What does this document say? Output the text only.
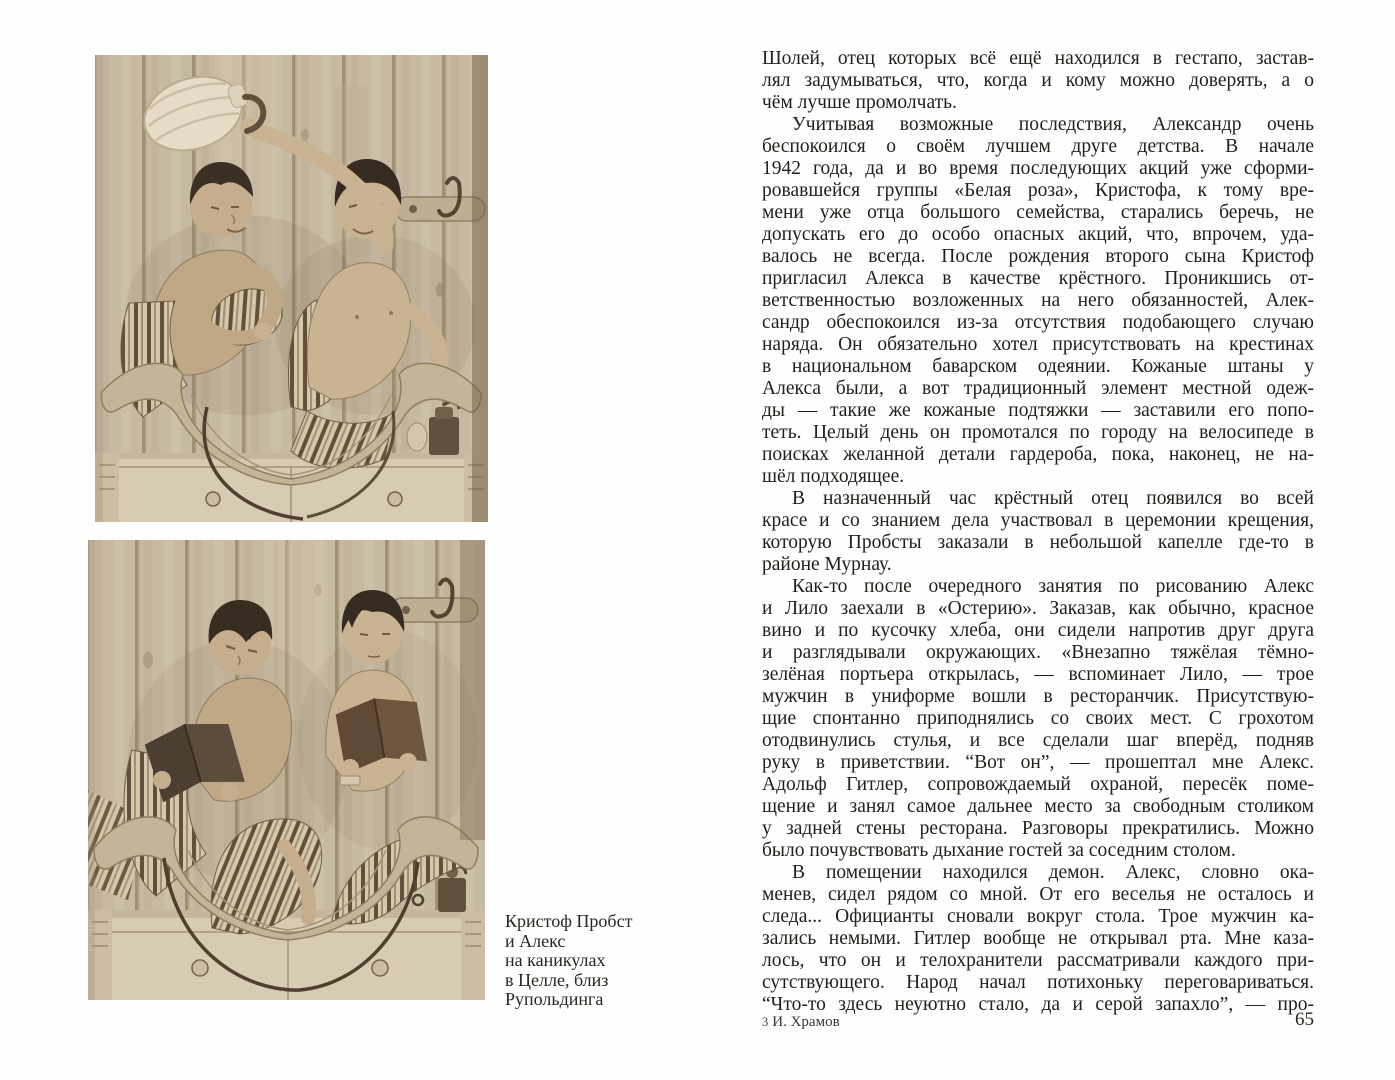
Кристоф Пробст
и Алекс
на каникулах
в Целле, близ
Рупольдинга
Шолей, отец которых всё ещё находился в гестапо, застав-
лял задумываться, что, когда и кому можно доверять, а о
чём лучше промолчать.
Учитывая возможные последствия, Александр очень
беспокоился о своём лучшем друге детства. В начале
1942 года, да и во время последующих акций уже сформи-
ровавшейся группы «Белая роза», Кристофа, к тому вре-
мени уже отца большого семейства, старались беречь, не
допускать его до особо опасных акций, что, впрочем, уда-
валось не всегда. После рождения второго сына Кристоф
пригласил Алекса в качестве крёстного. Проникшись от-
ветственностью возложенных на него обязанностей, Алек-
сандр обеспокоился из-за отсутствия подобающего случаю
наряда. Он обязательно хотел присутствовать на крестинах
в национальном баварском одеянии. Кожаные штаны у
Алекса были, а вот традиционный элемент местной одеж-
ды — такие же кожаные подтяжки — заставили его попо-
теть. Целый день он промотался по городу на велосипеде в
поисках желанной детали гардероба, пока, наконец, не на-
шёл подходящее.
В назначенный час крёстный отец появился во всей
красе и со знанием дела участвовал в церемонии крещения,
которую Пробсты заказали в небольшой капелле где-то в
районе Мурнау.
Как-то после очередного занятия по рисованию Алекс
и Лило заехали в «Остерию». Заказав, как обычно, красное
вино и по кусочку хлеба, они сидели напротив друг друга
и разглядывали окружающих. «Внезапно тяжёлая тёмно-
зелёная портьера открылась, — вспоминает Лило, — трое
мужчин в униформе вошли в ресторанчик. Присутствую-
щие спонтанно приподнялись со своих мест. С грохотом
отодвинулись стулья, и все сделали шаг вперёд, подняв
руку в приветствии. “Вот он”, — прошептал мне Алекс.
Адольф Гитлер, сопровождаемый охраной, пересёк поме-
щение и занял самое дальнее место за свободным столиком
у задней стены ресторана. Разговоры прекратились. Можно
было почувствовать дыхание гостей за соседним столом.
В помещении находился демон. Алекс, словно ока-
менев, сидел рядом со мной. От его веселья не осталось и
следа... Официанты сновали вокруг стола. Трое мужчин ка-
зались немыми. Гитлер вообще не открывал рта. Мне каза-
лось, что он и телохранители рассматривали каждого при-
сутствующего. Народ начал потихоньку переговариваться.
“Что-то здесь неуютно стало, да и серой запахло”, — про-
3 И. Храмов	65
